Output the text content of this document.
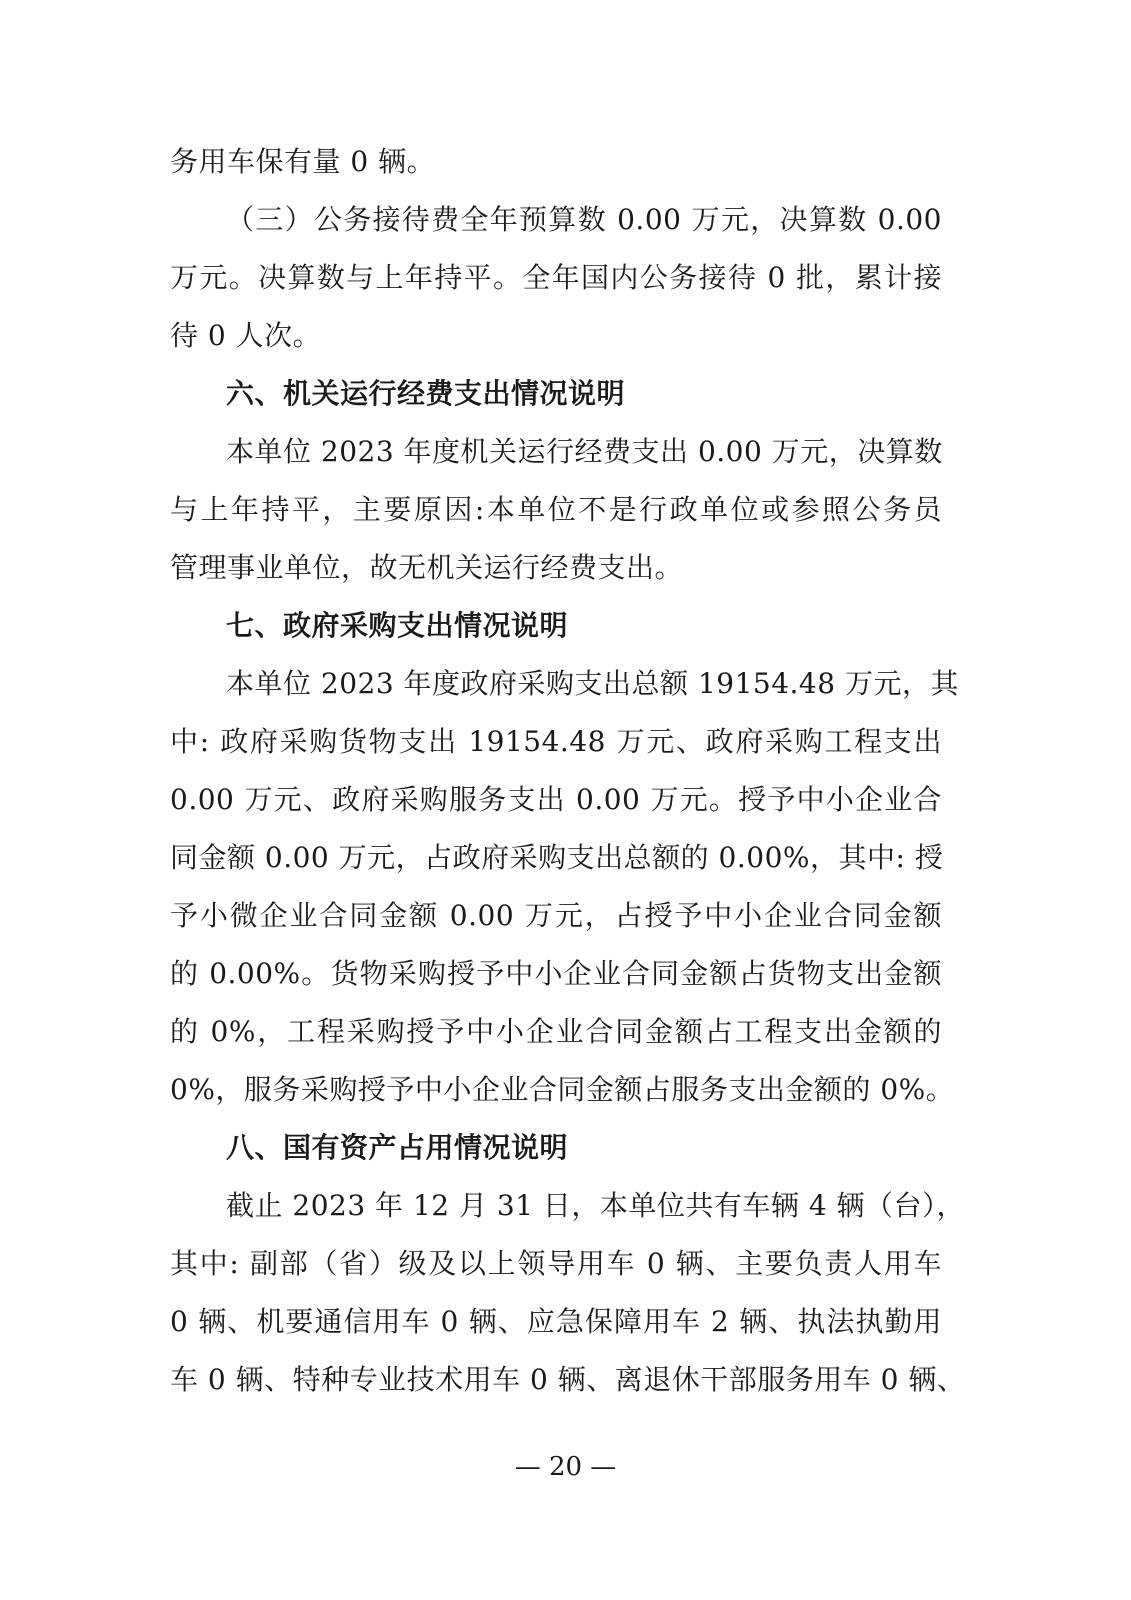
务用车保有量 0 辆。
（三）公务接待费全年预算数 0.00 万元，决算数 0.00
万元。决算数与上年持平。全年国内公务接待 0 批，累计接
待 0 人次。
六、机关运行经费支出情况说明
本单位 2023 年度机关运行经费支出 0.00 万元，决算数
与上年持平，主要原因:本单位不是行政单位或参照公务员
管理事业单位，故无机关运行经费支出。
七、政府采购支出情况说明
本单位 2023 年度政府采购支出总额 19154.48 万元，其
中: 政府采购货物支出 19154.48 万元、政府采购工程支出
0.00 万元、政府采购服务支出 0.00 万元。授予中小企业合
同金额 0.00 万元，占政府采购支出总额的 0.00%，其中: 授
予小微企业合同金额 0.00 万元，占授予中小企业合同金额
的 0.00%。货物采购授予中小企业合同金额占货物支出金额
的 0%，工程采购授予中小企业合同金额占工程支出金额的
0%，服务采购授予中小企业合同金额占服务支出金额的 0%。
八、国有资产占用情况说明
截止 2023 年 12 月 31 日，本单位共有车辆 4 辆（台），
其中: 副部（省）级及以上领导用车 0 辆、主要负责人用车
0 辆、机要通信用车 0 辆、应急保障用车 2 辆、执法执勤用
车 0 辆、特种专业技术用车 0 辆、离退休干部服务用车 0 辆、
— 20 —
